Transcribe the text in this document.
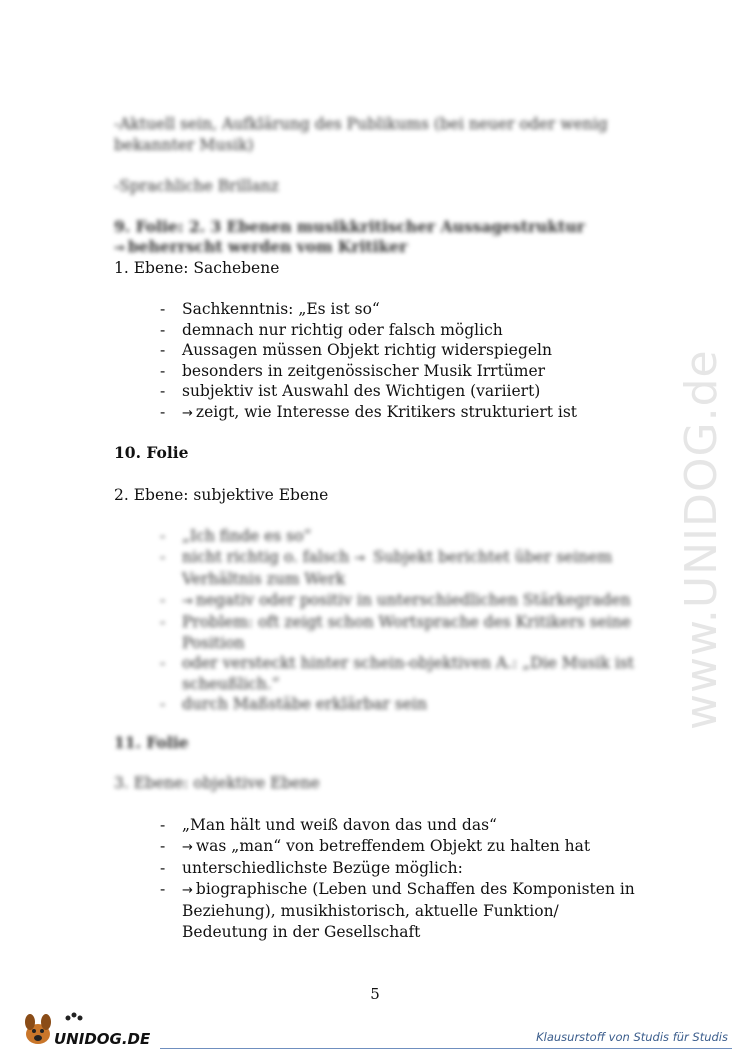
-Aktuell sein, Aufklärung des Publikums (bei neuer oder wenig
bekannter Musik)
-Sprachliche Brillanz
9. Folie: 2. 3 Ebenen musikkritischer Aussagestruktur
→ beherrscht werden vom Kritiker
1. Ebene: Sachebene
- Sachkenntnis: „Es ist so“
- demnach nur richtig oder falsch möglich
- Aussagen müssen Objekt richtig widerspiegeln
- besonders in zeitgenössischer Musik Irrtümer
- subjektiv ist Auswahl des Wichtigen (variiert)
- → zeigt, wie Interesse des Kritikers strukturiert ist
10. Folie
2. Ebene: subjektive Ebene
- „Ich finde es so“
- nicht richtig o. falsch → Subjekt berichtet über seinem Verhältnis zum Werk
- → negativ oder positiv in unterschiedlichen Stärkegraden
- Problem: oft zeigt schon Wortsprache des Kritikers seine Position
- oder versteckt hinter schein-objektiven A.: „Die Musik ist scheußlich.“
- durch Maßstäbe erklärbar sein
11. Folie
3. Ebene: objektive Ebene
- „Man hält und weiß davon das und das“
- → was „man“ von betreffendem Objekt zu halten hat
- unterschiedlichste Bezüge möglich:
- → biographische (Leben und Schaffen des Komponisten in Beziehung), musikhistorisch, aktuelle Funktion/ Bedeutung in der Gesellschaft
www.UNIDOG.de
5
UNIDOG.DE	Klausurstoff von Studis für Studis
